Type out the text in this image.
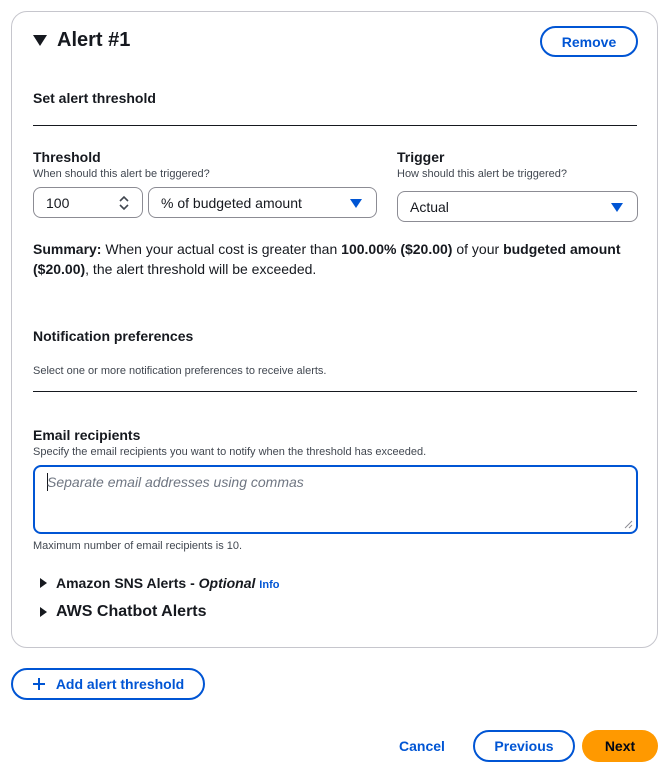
Alert #1	Remove
Set alert threshold
Threshold
When should this alert be triggered?
100	% of budgeted amount
Trigger
How should this alert be triggered?
Actual
Summary: When your actual cost is greater than 100.00% ($20.00) of your budgeted amount
($20.00), the alert threshold will be exceeded.
Notification preferences
Select one or more notification preferences to receive alerts.
Email recipients
Specify the email recipients you want to notify when the threshold has exceeded.
Separate email addresses using commas
Maximum number of email recipients is 10.
Amazon SNS Alerts - Optional Info
AWS Chatbot Alerts
Add alert threshold
Cancel	Previous	Next
